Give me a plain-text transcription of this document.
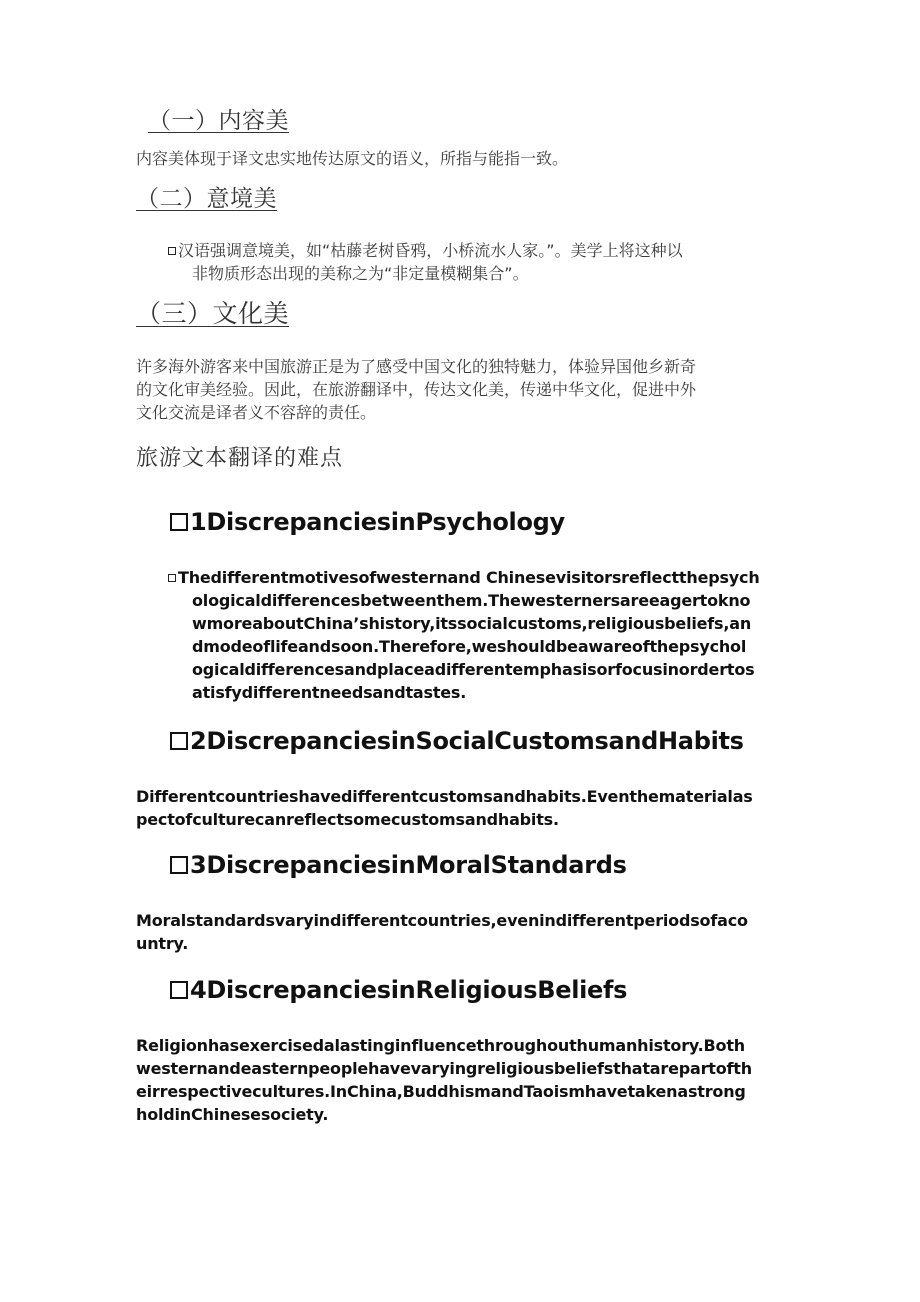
（一）内容美
内容美体现于译文忠实地传达原文的语义，所指与能指一致。
（二）意境美
汉语强调意境美，如“枯藤老树昏鸦，小桥流水人家。”。美学上将这种以
非物质形态出现的美称之为“非定量模糊集合”。
（三）文化美
许多海外游客来中国旅游正是为了感受中国文化的独特魅力，体验异国他乡新奇
的文化审美经验。因此，在旅游翻译中，传达文化美，传递中华文化，促进中外
文化交流是译者义不容辞的责任。
旅游文本翻译的难点
1DiscrepanciesinPsychology
Thedifferentmotivesofwesternand Chinesevisitorsreflectthepsych
ologicaldifferencesbetweenthem.Thewesternersareeagertokno
wmoreaboutChina’shistory,itssocialcustoms,religiousbeliefs,an
dmodeoflifeandsoon.Therefore,weshouldbeawareofthepsychol
ogicaldifferencesandplaceadifferentemphasisorfocusinordertos
atisfydifferentneedsandtastes.
2DiscrepanciesinSocialCustomsandHabits
Differentcountrieshavedifferentcustomsandhabits.Eventhematerialas
pectofculturecanreflectsomecustomsandhabits.
3DiscrepanciesinMoralStandards
Moralstandardsvaryindifferentcountries,evenindifferentperiodsofaco
untry.
4DiscrepanciesinReligiousBeliefs
Religionhasexercisedalastinginfluencethroughouthumanhistory.Both
westernandeasternpeoplehavevaryingreligiousbeliefsthatarepartofth
eirrespectivecultures.InChina,BuddhismandTaoismhavetakenastrong
holdinChinesesociety.
